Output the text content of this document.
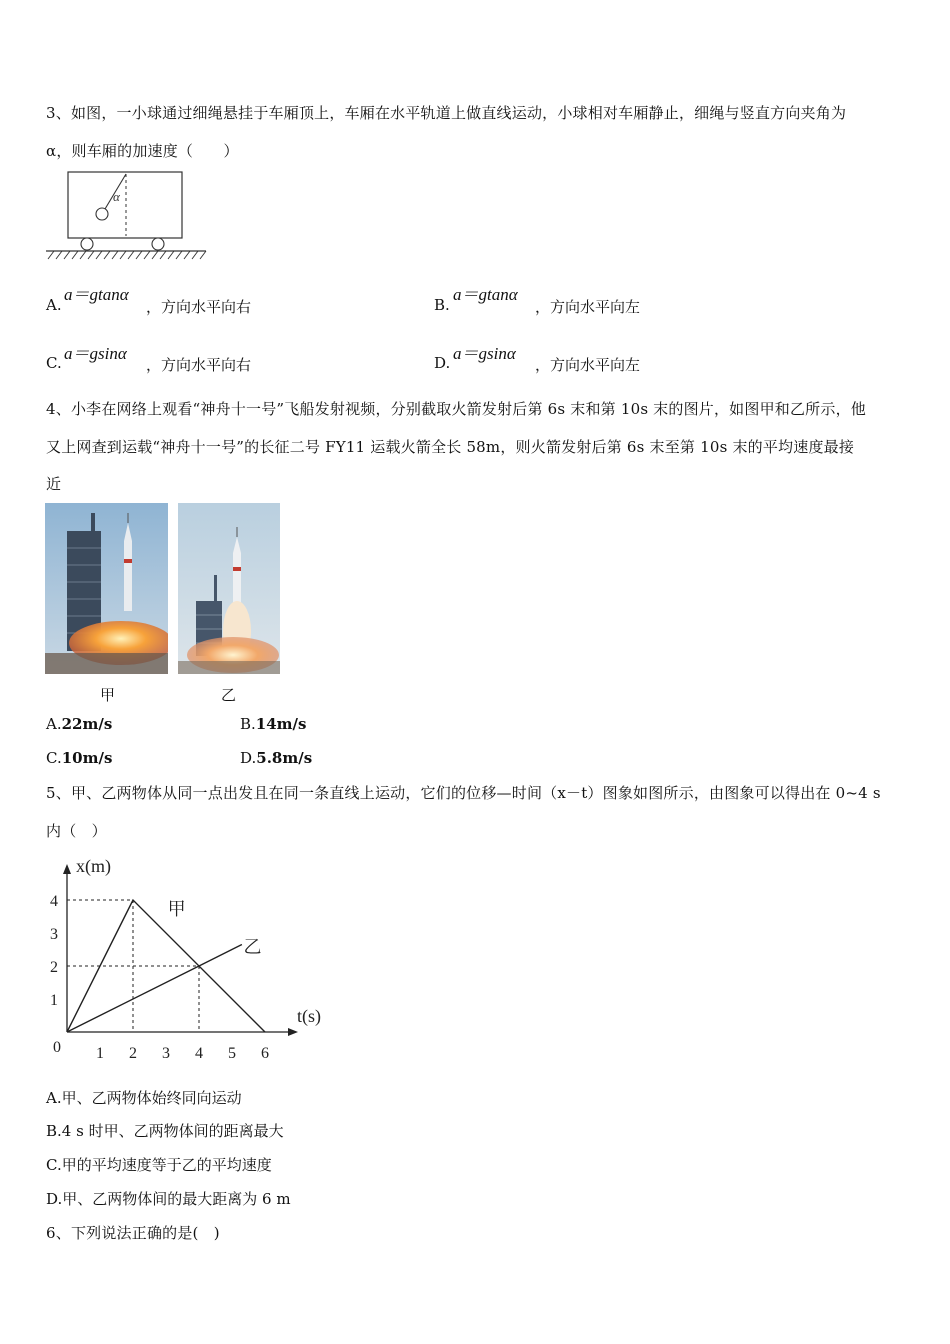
3、如图，一小球通过细绳悬挂于车厢顶上，车厢在水平轨道上做直线运动，小球相对车厢静止，细绳与竖直方向夹角为
α，则车厢的加速度（　　）
α
A.
a＝gtanα
，方向水平向右	B.
a＝gtanα
，方向水平向左
C. a＝gsinα
，方向水平向右	D. a＝gsinα
，方向水平向左
4、小李在网络上观看“神舟十一号”飞船发射视频，分别截取火箭发射后第 6s 末和第 10s 末的图片，如图甲和乙所示，他
又上网查到运载“神舟十一号”的长征二号 FY11 运载火箭全长 58m，则火箭发射后第 6s 末至第 10s 末的平均速度最接
近
甲	乙
A.22m/s	B.14m/s
C.10m/s	D.5.8m/s
5、甲、乙两物体从同一点出发且在同一条直线上运动，它们的位移—时间（x－t）图象如图所示，由图象可以得出在 0~4 s
内（　）
x(m)
t(s)
0 1 2 3 4 5 6
1
2
3
4	甲
乙
A.甲、乙两物体始终同向运动
B.4 s 时甲、乙两物体间的距离最大
C.甲的平均速度等于乙的平均速度
D.甲、乙两物体间的最大距离为 6 m
6、下列说法正确的是(　)
